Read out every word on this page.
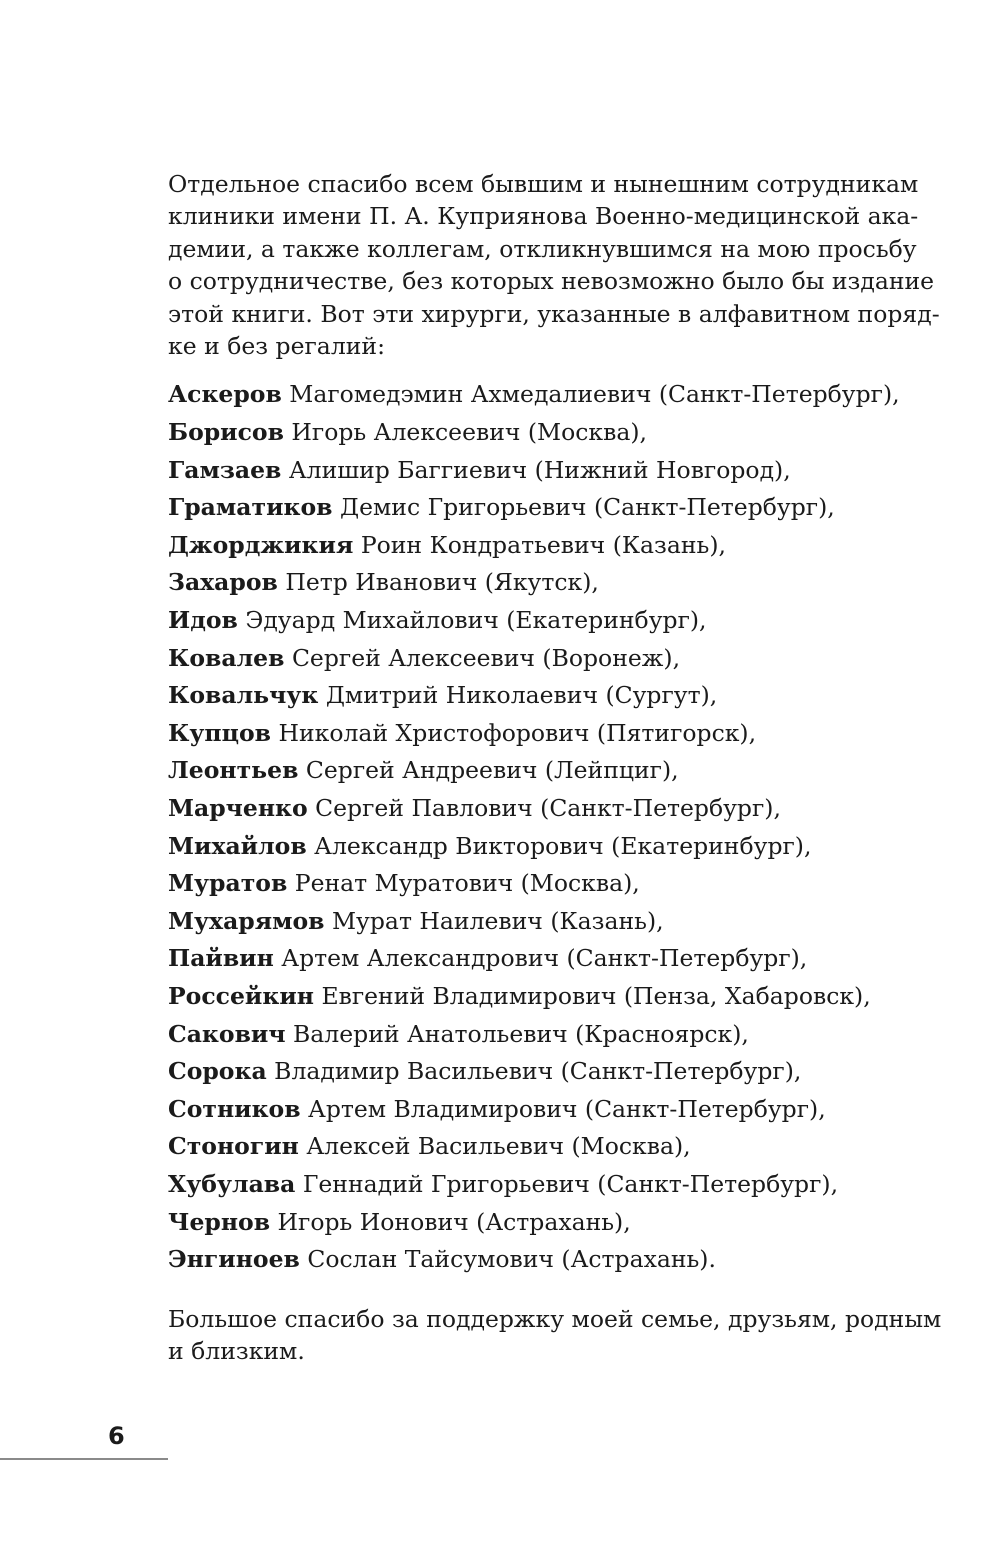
Отдельное спасибо всем бывшим и нынешним сотрудникам

клиники имени П. А. Куприянова Военно-медицинской ака-

демии, а также коллегам, откликнувшимся на мою просьбу

о сотрудничестве, без которых невозможно было бы издание

этой книги. Вот эти хирурги, указанные в алфавитном поряд-

ке и без регалий:

Аскеров Магомедэмин Ахмедалиевич (Санкт-Петербург),
Борисов Игорь Алексеевич (Москва),
Гамзаев Алишир Баггиевич (Нижний Новгород),
Граматиков Демис Григорьевич (Санкт-Петербург),
Джорджикия Роин Кондратьевич (Казань),
Захаров Петр Иванович (Якутск),
Идов Эдуард Михайлович (Екатеринбург),
Ковалев Сергей Алексеевич (Воронеж),
Ковальчук Дмитрий Николаевич (Сургут),
Купцов Николай Христофорович (Пятигорск),
Леонтьев Сергей Андреевич (Лейпциг),
Марченко Сергей Павлович (Санкт-Петербург),
Михайлов Александр Викторович (Екатеринбург),
Муратов Ренат Муратович (Москва),
Мухарямов Мурат Наилевич (Казань),
Пайвин Артем Александрович (Санкт-Петербург),
Россейкин Евгений Владимирович (Пенза, Хабаровск),
Сакович Валерий Анатольевич (Красноярск),
Сорока Владимир Васильевич (Санкт-Петербург),
Сотников Артем Владимирович (Санкт-Петербург),
Стоногин Алексей Васильевич (Москва),
Хубулава Геннадий Григорьевич (Санкт-Петербург),
Чернов Игорь Ионович (Астрахань),
Энгиноев Сослан Тайсумович (Астрахань).

Большое спасибо за поддержку моей семье, друзьям, родным

и близким.

6
